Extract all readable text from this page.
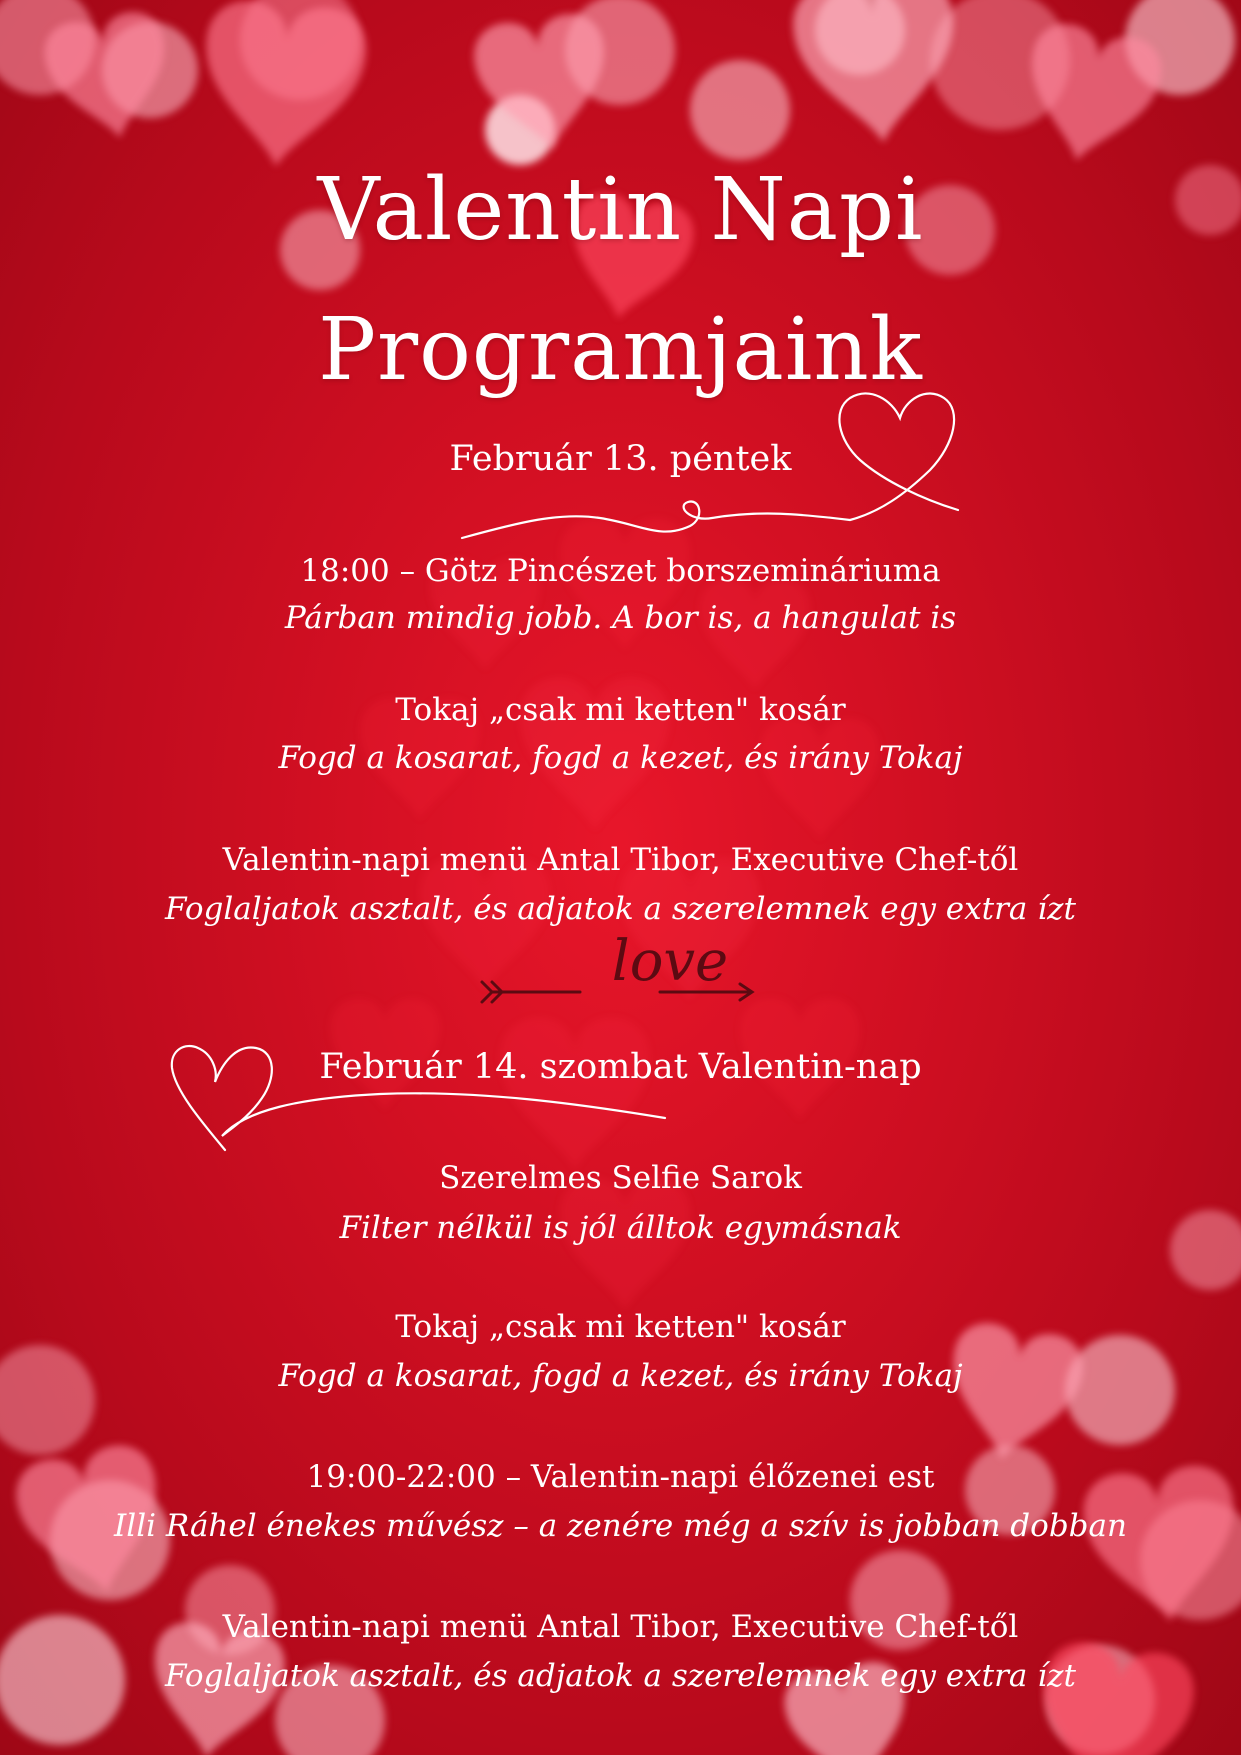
Valentin Napi
Programjaink
Február 13. péntek
18:00 – Götz Pincészet borszemináriuma
Párban mindig jobb. A bor is, a hangulat is
Tokaj „csak mi ketten" kosár
Fogd a kosarat, fogd a kezet, és irány Tokaj
Valentin-napi menü Antal Tibor, Executive Chef-től
Foglaljatok asztalt, és adjatok a szerelemnek egy extra ízt
love
Február 14. szombat Valentin-nap
Szerelmes Selfie Sarok
Filter nélkül is jól álltok egymásnak
Tokaj „csak mi ketten" kosár
Fogd a kosarat, fogd a kezet, és irány Tokaj
19:00-22:00 – Valentin-napi élőzenei est
Illi Ráhel énekes művész – a zenére még a szív is jobban dobban
Valentin-napi menü Antal Tibor, Executive Chef-től
Foglaljatok asztalt, és adjatok a szerelemnek egy extra ízt
